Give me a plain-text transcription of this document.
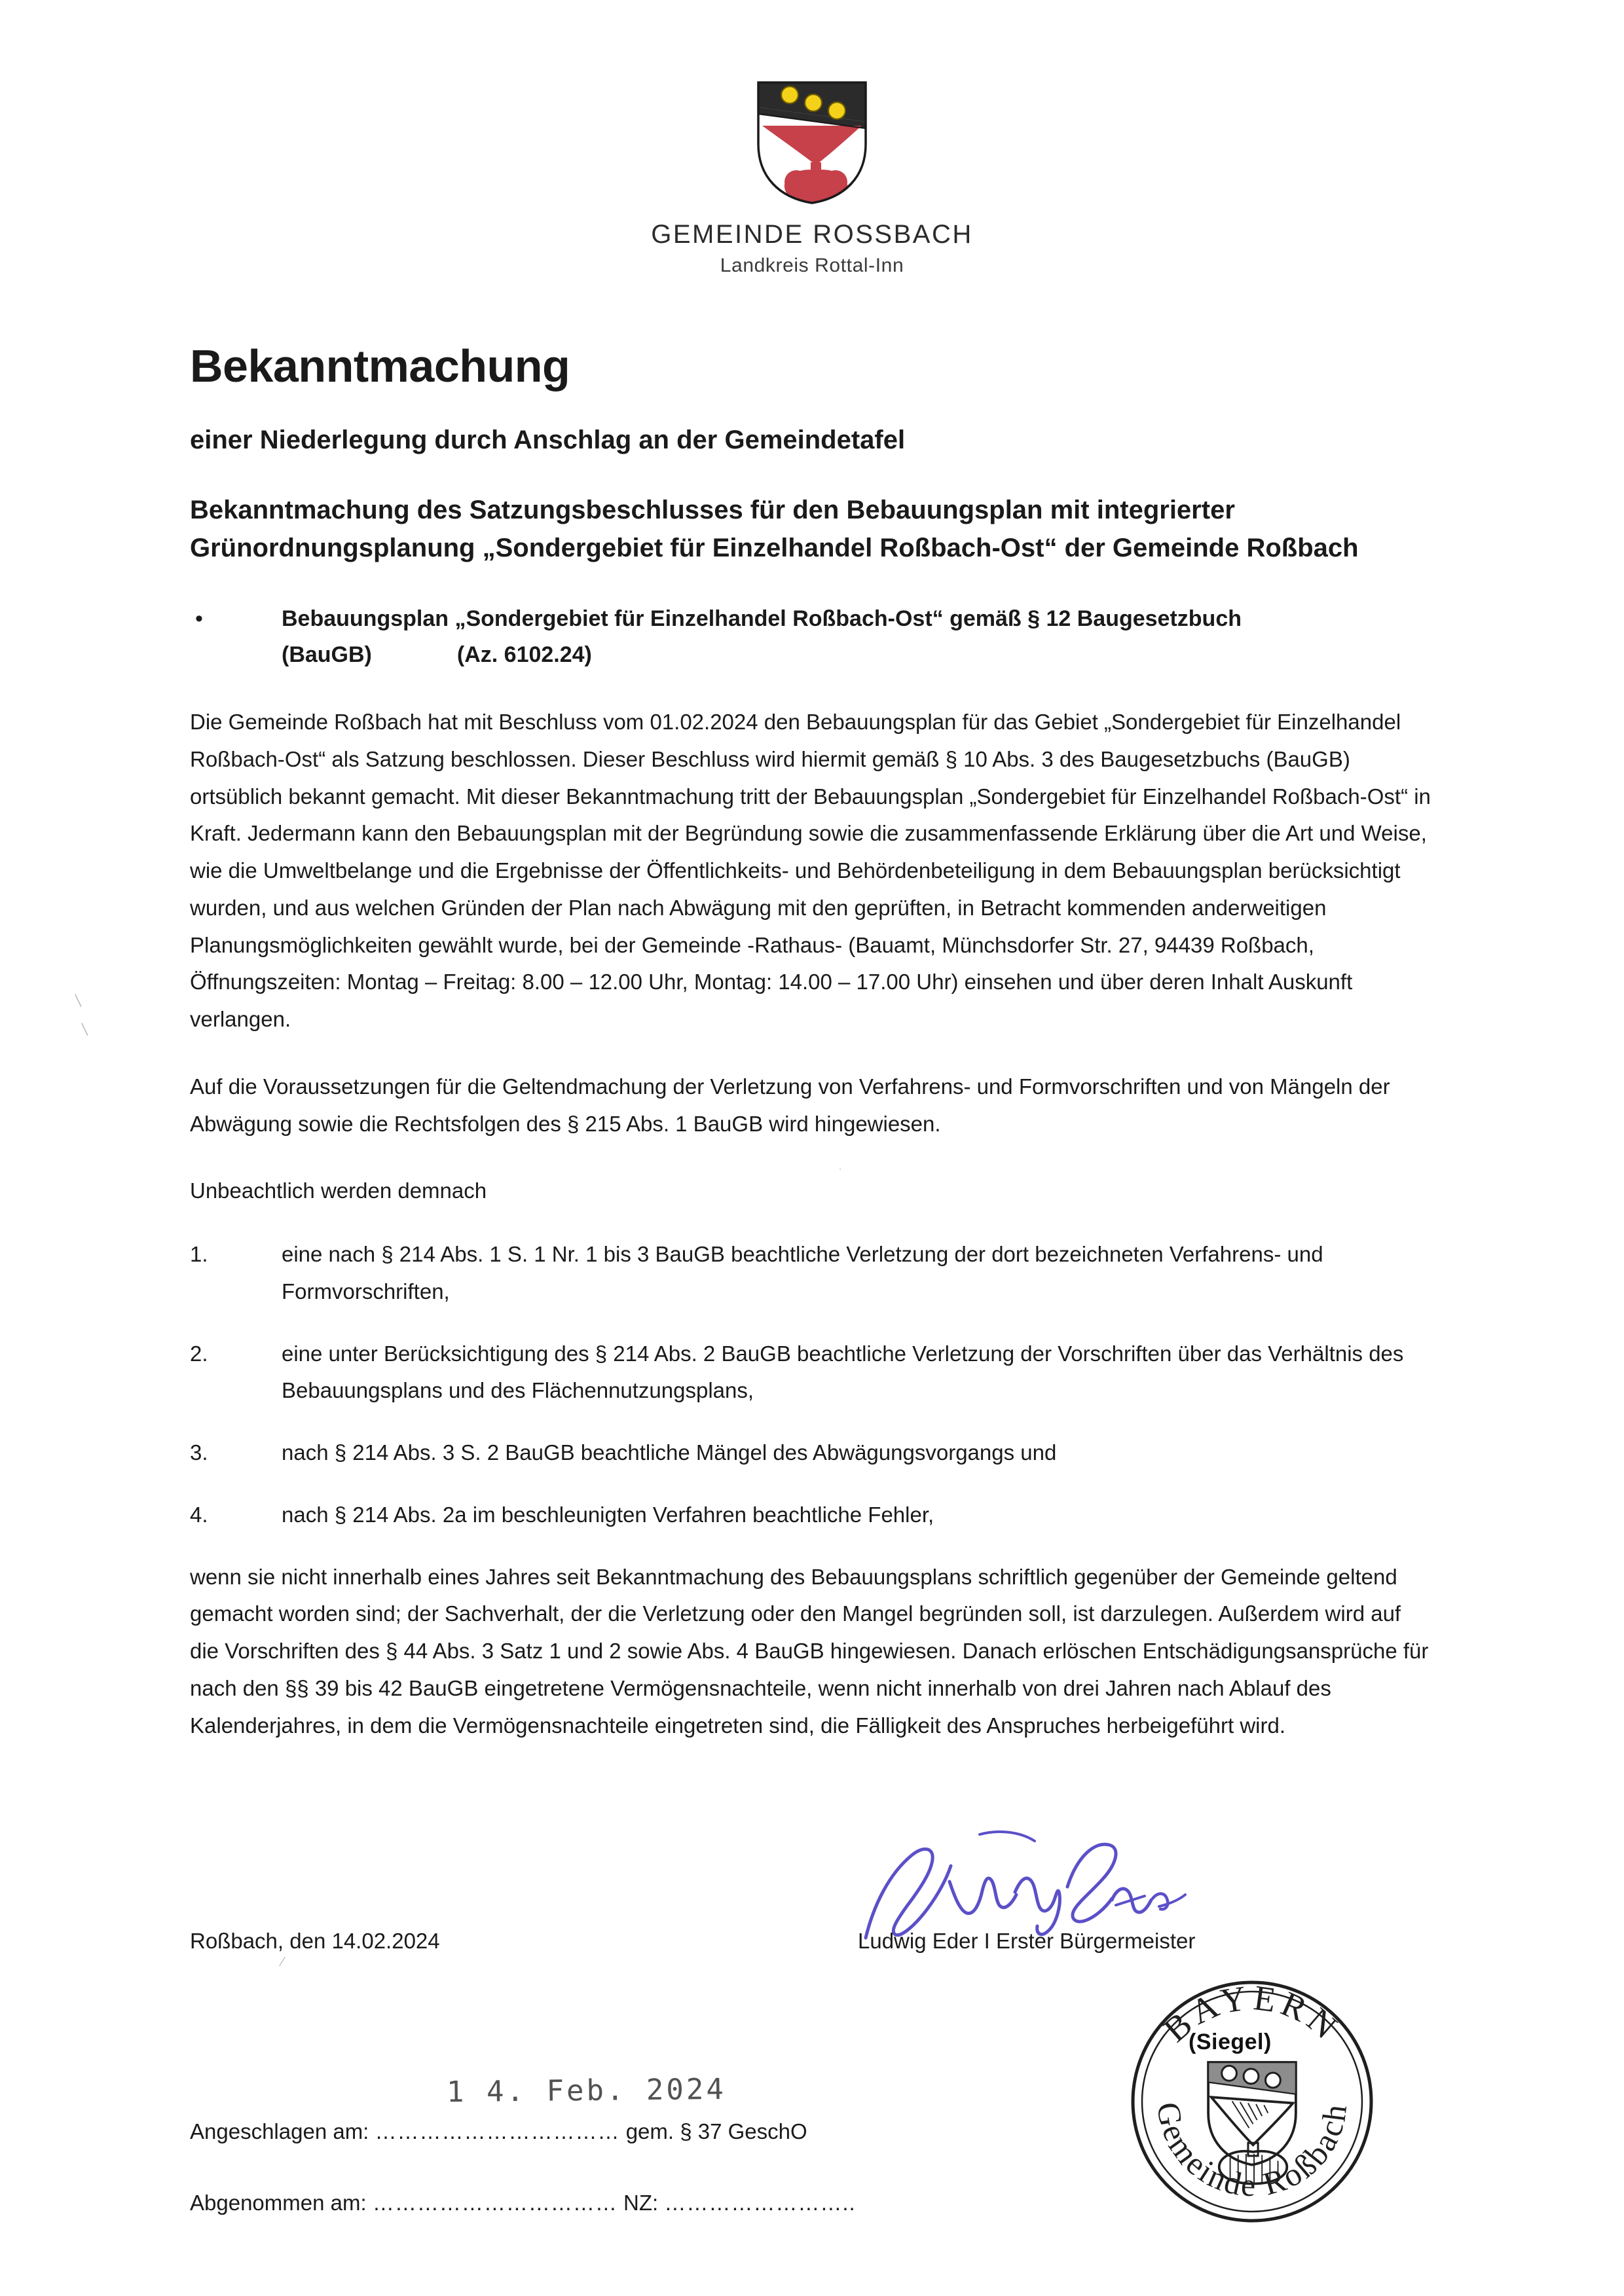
GEMEINDE ROSSBACH
Landkreis Rottal-Inn
Bekanntmachung
einer Niederlegung durch Anschlag an der Gemeindetafel
Bekanntmachung des Satzungsbeschlusses für den Bebauungsplan mit integrierter Grünordnungsplanung „Sondergebiet für Einzelhandel Roßbach-Ost“ der Gemeinde Roßbach
•	Bebauungsplan „Sondergebiet für Einzelhandel Roßbach-Ost“ gemäß § 12 Baugesetzbuch
(BauGB)	(Az. 6102.24)

Die Gemeinde Roßbach hat mit Beschluss vom 01.02.2024 den Bebauungsplan für das Gebiet „Sondergebiet für Einzelhandel Roßbach-Ost“ als Satzung beschlossen. Dieser Beschluss wird hiermit gemäß § 10 Abs. 3 des Baugesetzbuchs (BauGB) ortsüblich bekannt gemacht. Mit dieser Bekanntmachung tritt der Bebauungsplan „Sondergebiet für Einzelhandel Roßbach-Ost“ in Kraft. Jedermann kann den Bebauungsplan mit der Begründung sowie die zusammenfassende Erklärung über die Art und Weise, wie die Umweltbelange und die Ergebnisse der Öffentlichkeits- und Behördenbeteiligung in dem Bebauungsplan berücksichtigt wurden, und aus welchen Gründen der Plan nach Abwägung mit den geprüften, in Betracht kommenden anderweitigen Planungsmöglichkeiten gewählt wurde, bei der Gemeinde -Rathaus- (Bauamt, Münchsdorfer Str. 27, 94439 Roßbach, Öffnungszeiten: Montag – Freitag: 8.00 – 12.00 Uhr, Montag: 14.00 – 17.00 Uhr) einsehen und über deren Inhalt Auskunft verlangen.

Auf die Voraussetzungen für die Geltendmachung der Verletzung von Verfahrens- und Formvorschriften und von Mängeln der Abwägung sowie die Rechtsfolgen des § 215 Abs. 1 BauGB wird hingewiesen.

Unbeachtlich werden demnach

1.	eine nach § 214 Abs. 1 S. 1 Nr. 1 bis 3 BauGB beachtliche Verletzung der dort bezeichneten Verfahrens- und Formvorschriften,
2.	eine unter Berücksichtigung des § 214 Abs. 2 BauGB beachtliche Verletzung der Vorschriften über das Verhältnis des Bebauungsplans und des Flächennutzungsplans,
3.	nach § 214 Abs. 3 S. 2 BauGB beachtliche Mängel des Abwägungsvorgangs und
4.	nach § 214 Abs. 2a im beschleunigten Verfahren beachtliche Fehler,

wenn sie nicht innerhalb eines Jahres seit Bekanntmachung des Bebauungsplans schriftlich gegenüber der Gemeinde geltend gemacht worden sind; der Sachverhalt, der die Verletzung oder den Mangel begründen soll, ist darzulegen. Außerdem wird auf die Vorschriften des § 44 Abs. 3 Satz 1 und 2 sowie Abs. 4 BauGB hingewiesen. Danach erlöschen Entschädigungsansprüche für nach den §§ 39 bis 42 BauGB eingetretene Vermögensnachteile, wenn nicht innerhalb von drei Jahren nach Ablauf des Kalenderjahres, in dem die Vermögensnachteile eingetreten sind, die Fälligkeit des Anspruches herbeigeführt wird.

Roßbach, den 14.02.2024	Ludwig Eder I Erster Bürgermeister
BAYERN
Gemeinde Roßbach
(Siegel)
1 4. Feb. 2024
Angeschlagen am: …………………………… gem. § 37 GeschO
Abgenommen am: …………………………… NZ: ……………………..
⁄
⁄
⁄
ˌ
